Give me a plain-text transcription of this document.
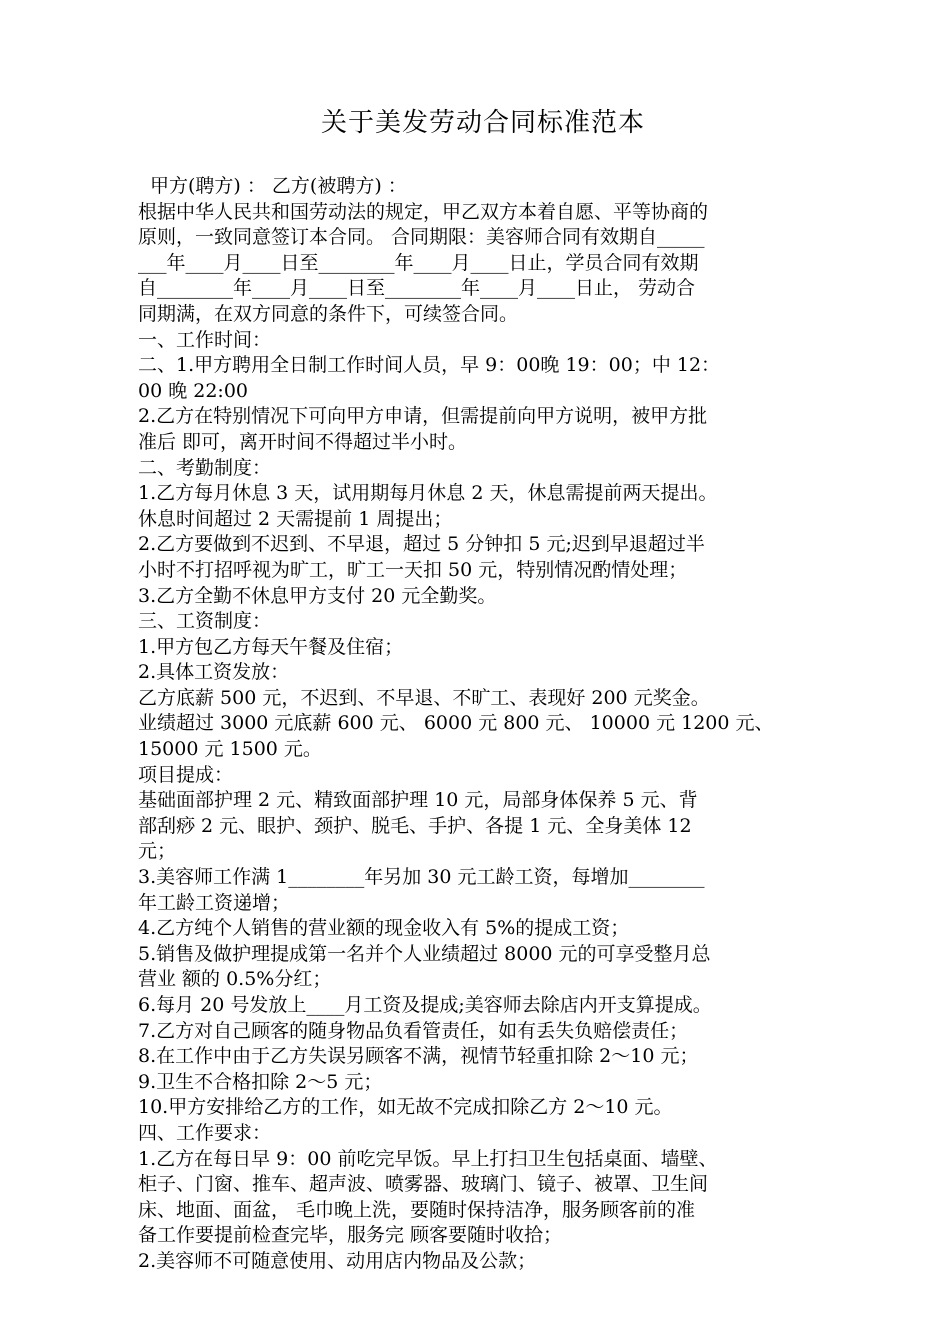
关于美发劳动合同标准范本
甲方(聘方) ： 乙方(被聘方) ：
根据中华人民共和国劳动法的规定，甲乙双方本着自愿、平等协商的
原则，一致同意签订本合同。 合同期限：美容师合同有效期自_____
___年____月____日至________年____月____日止，学员合同有效期
自________年____月____日至________年____月____日止， 劳动合
同期满，在双方同意的条件下，可续签合同。
一、工作时间：
二、1.甲方聘用全日制工作时间人员，早 9：00晚 19：00；中 12：
00 晚 22:00
2.乙方在特别情况下可向甲方申请，但需提前向甲方说明，被甲方批
准后 即可，离开时间不得超过半小时。
二、考勤制度：
1.乙方每月休息 3 天，试用期每月休息 2 天，休息需提前两天提出。
休息时间超过 2 天需提前 1 周提出；
2.乙方要做到不迟到、不早退，超过 5 分钟扣 5 元;迟到早退超过半
小时不打招呼视为旷工，旷工一天扣 50 元，特别情况酌情处理；
3.乙方全勤不休息甲方支付 20 元全勤奖。
三、工资制度：
1.甲方包乙方每天午餐及住宿；
2.具体工资发放：
乙方底薪 500 元，不迟到、不早退、不旷工、表现好 200 元奖金。
业绩超过 3000 元底薪 600 元、 6000 元 800 元、 10000 元 1200 元、
15000 元 1500 元。
项目提成：
基础面部护理 2 元、精致面部护理 10 元，局部身体保养 5 元、背
部刮痧 2 元、眼护、颈护、脱毛、手护、各提 1 元、全身美体 12
元；
3.美容师工作满 1________年另加 30 元工龄工资，每增加________
年工龄工资递增；
4.乙方纯个人销售的营业额的现金收入有 5%的提成工资；
5.销售及做护理提成第一名并个人业绩超过 8000 元的可享受整月总
营业 额的 0.5%分红；
6.每月 20 号发放上____月工资及提成;美容师去除店内开支算提成。
7.乙方对自己顾客的随身物品负看管责任，如有丢失负赔偿责任；
8.在工作中由于乙方失误另顾客不满，视情节轻重扣除 2～10 元；
9.卫生不合格扣除 2～5 元；
10.甲方安排给乙方的工作，如无故不完成扣除乙方 2～10 元。
四、工作要求：
1.乙方在每日早 9：00 前吃完早饭。早上打扫卫生包括桌面、墙壁、
柜子、门窗、推车、超声波、喷雾器、玻璃门、镜子、被罩、卫生间
床、地面、面盆， 毛巾晚上洗，要随时保持洁净，服务顾客前的准
备工作要提前检查完毕，服务完 顾客要随时收拾；
2.美容师不可随意使用、动用店内物品及公款；
